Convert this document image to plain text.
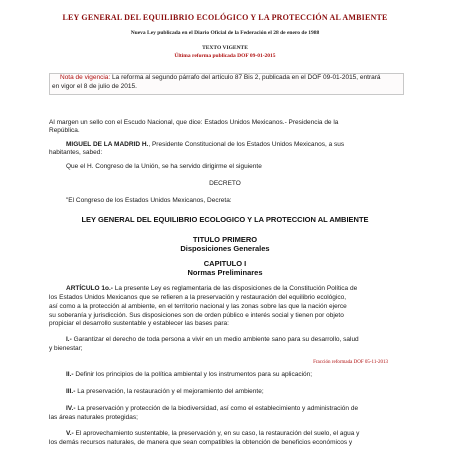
LEY GENERAL DEL EQUILIBRIO ECOLÓGICO Y LA PROTECCIÓN AL AMBIENTE

Nueva Ley publicada en el Diario Oficial de la Federación el 28 de enero de 1988

TEXTO VIGENTE

Última reforma publicada DOF 09-01-2015

Nota de vigencia: La reforma al segundo párrafo del artículo 87 Bis 2, publicada en el DOF 09-01-2015, entrará

en vigor el 8 de julio de 2015.

Al margen un sello con el Escudo Nacional, que dice: Estados Unidos Mexicanos.- Presidencia de la

República.

MIGUEL DE LA MADRID H., Presidente Constitucional de los Estados Unidos Mexicanos, a sus

habitantes, sabed:

Que el H. Congreso de la Unión, se ha servido dirigirme el siguiente

DECRETO

"El Congreso de los Estados Unidos Mexicanos, Decreta:

LEY GENERAL DEL EQUILIBRIO ECOLOGICO Y LA PROTECCION AL AMBIENTE

TITULO PRIMERO

Disposiciones Generales

CAPITULO I

Normas Preliminares

ARTÍCULO 1o.- La presente Ley es reglamentaria de las disposiciones de la Constitución Política de

los Estados Unidos Mexicanos que se refieren a la preservación y restauración del equilibrio ecológico,

así como a la protección al ambiente, en el territorio nacional y las zonas sobre las que la nación ejerce

su soberanía y jurisdicción. Sus disposiciones son de orden público e interés social y tienen por objeto

propiciar el desarrollo sustentable y establecer las bases para:

I.- Garantizar el derecho de toda persona a vivir en un medio ambiente sano para su desarrollo, salud

y bienestar;

Fracción reformada DOF 05-11-2013

II.- Definir los principios de la política ambiental y los instrumentos para su aplicación;

III.- La preservación, la restauración y el mejoramiento del ambiente;

IV.- La preservación y protección de la biodiversidad, así como el establecimiento y administración de

las áreas naturales protegidas;

V.- El aprovechamiento sustentable, la preservación y, en su caso, la restauración del suelo, el agua y

los demás recursos naturales, de manera que sean compatibles la obtención de beneficios económicos y
